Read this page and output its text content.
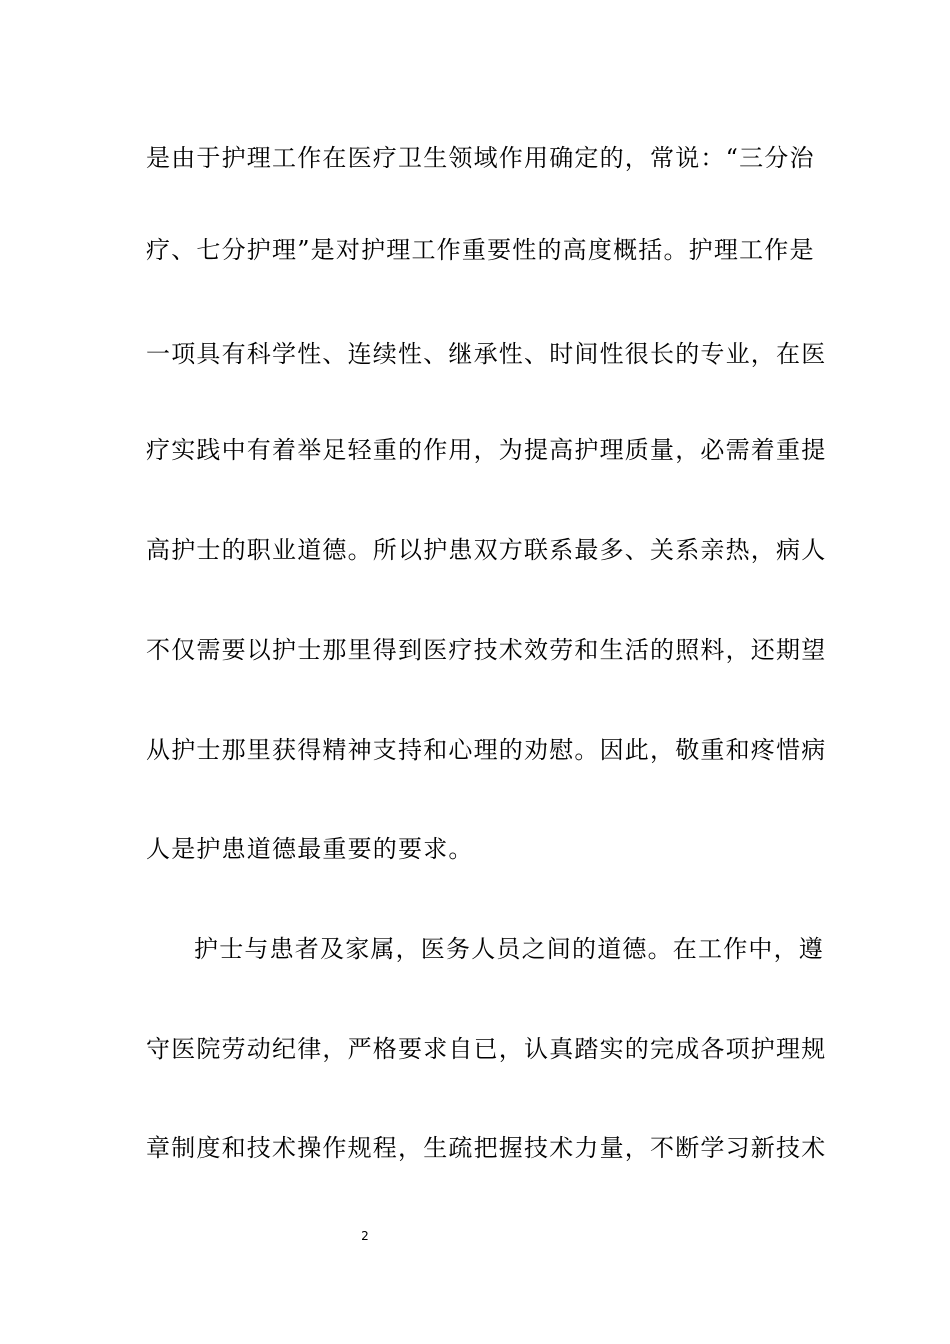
是由于护理工作在医疗卫生领域作用确定的，常说：“三分治
疗、七分护理”是对护理工作重要性的高度概括。护理工作是
一项具有科学性、连续性、继承性、时间性很长的专业，在医
疗实践中有着举足轻重的作用，为提高护理质量，必需着重提
高护士的职业道德。所以护患双方联系最多、关系亲热，病人
不仅需要以护士那里得到医疗技术效劳和生活的照料，还期望
从护士那里获得精神支持和心理的劝慰。因此，敬重和疼惜病
人是护患道德最重要的要求。
护士与患者及家属，医务人员之间的道德。在工作中，遵
守医院劳动纪律，严格要求自已，认真踏实的完成各项护理规
章制度和技术操作规程，生疏把握技术力量，不断学习新技术
2
